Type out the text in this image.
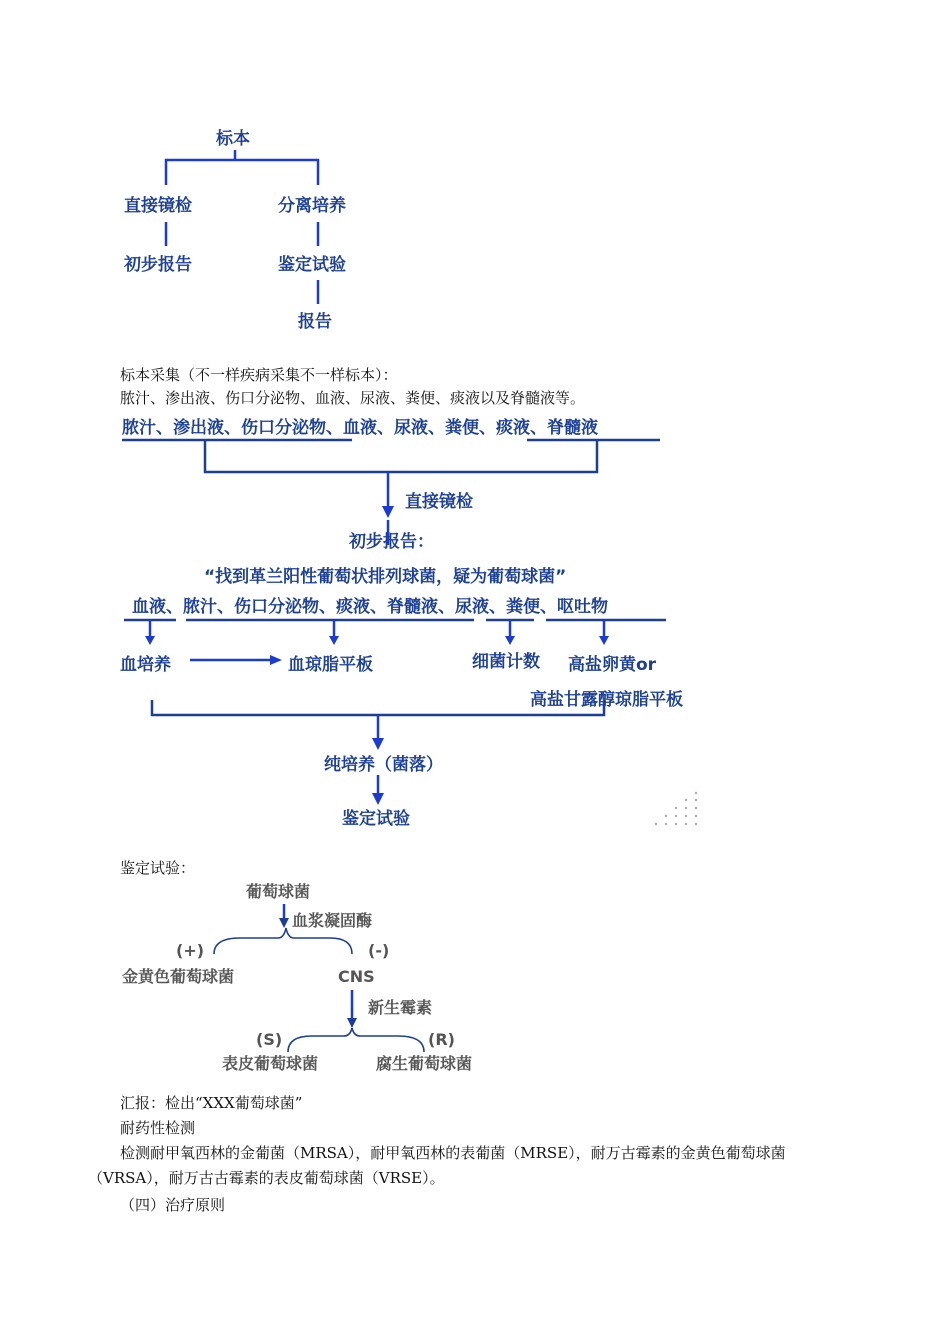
标本
直接镜检	分离培养
初步报告	鉴定试验
报告
脓汁、渗出液、伤口分泌物、血液、尿液、粪便、痰液、脊髓液
直接镜检
初步报告：
“找到革兰阳性葡萄状排列球菌，疑为葡萄球菌”
血液、脓汁、伤口分泌物、痰液、脊髓液、尿液、粪便、呕吐物
血培养	血琼脂平板	细菌计数 高盐卵黄or
高盐甘露醇琼脂平板
纯培养（菌落）
鉴定试验
葡萄球菌
血浆凝固酶
(+)	(-)
金黄色葡萄球菌	CNS
新生霉素
(S)	(R)
表皮葡萄球菌	腐生葡萄球菌
标本采集（不一样疾病采集不一样标本）：
脓汁、渗出液、伤口分泌物、血液、尿液、粪便、痰液以及脊髓液等。
鉴定试验：
汇报：检出“XXX葡萄球菌”
耐药性检测
检测耐甲氧西林的金葡菌（MRSA），耐甲氧西林的表葡菌（MRSE），耐万古霉素的金黄色葡萄球菌
（VRSA），耐万古古霉素的表皮葡萄球菌（VRSE）。
（四）治疗原则
